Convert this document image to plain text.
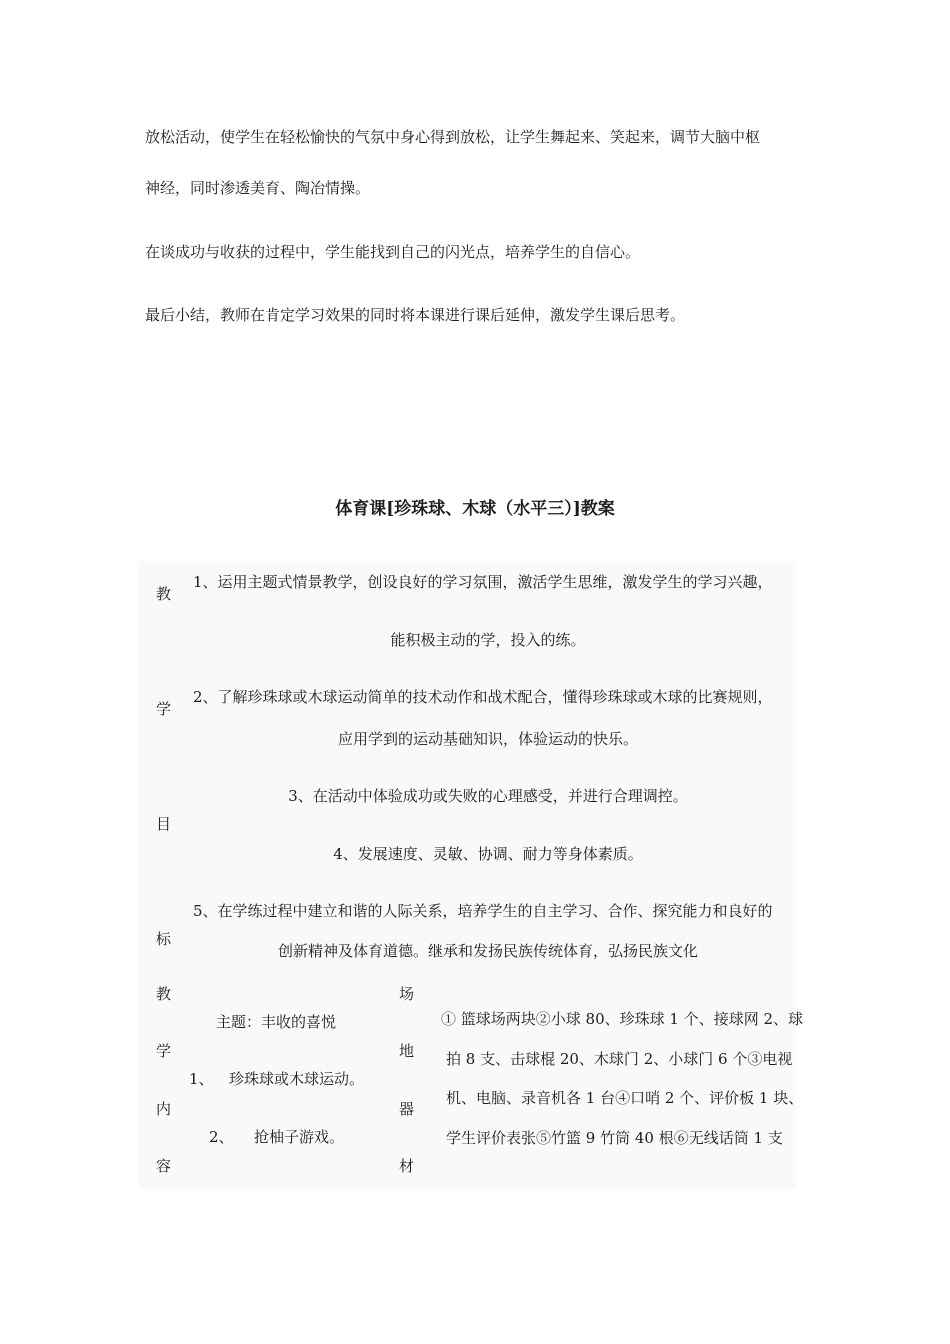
放松活动，使学生在轻松愉快的气氛中身心得到放松，让学生舞起来、笑起来，调节大脑中枢

神经，同时渗透美育、陶冶情操。

在谈成功与收获的过程中，学生能找到自己的闪光点，培养学生的自信心。

最后小结，教师在肯定学习效果的同时将本课进行课后延伸，激发学生课后思考。

体育课[珍珠球、木球（水平三）]教案
教
学
目
标
1、运用主题式情景教学，创设良好的学习氛围，激活学生思维，激发学生的学习兴趣，
能积极主动的学，投入的练。
2、了解珍珠球或木球运动简单的技术动作和战术配合，懂得珍珠球或木球的比赛规则，
应用学到的运动基础知识，体验运动的快乐。
3、在活动中体验成功或失败的心理感受，并进行合理调控。
4、发展速度、灵敏、协调、耐力等身体素质。
5、在学练过程中建立和谐的人际关系，培养学生的自主学习、合作、探究能力和良好的
创新精神及体育道德。继承和发扬民族传统体育，弘扬民族文化
教
学
内
容
主题：丰收的喜悦
1、 珍珠球或木球运动。
2、 抢柚子游戏。
场
地
器
材
① 篮球场两块②小球 80、珍珠球 1 个、接球网 2、球
拍 8 支、击球棍 20、木球门 2、小球门 6 个③电视
机、电脑、录音机各 1 台④口哨 2 个、评价板 1 块、
学生评价表张⑤竹篮 9 竹筒 40 根⑥无线话筒 1 支
